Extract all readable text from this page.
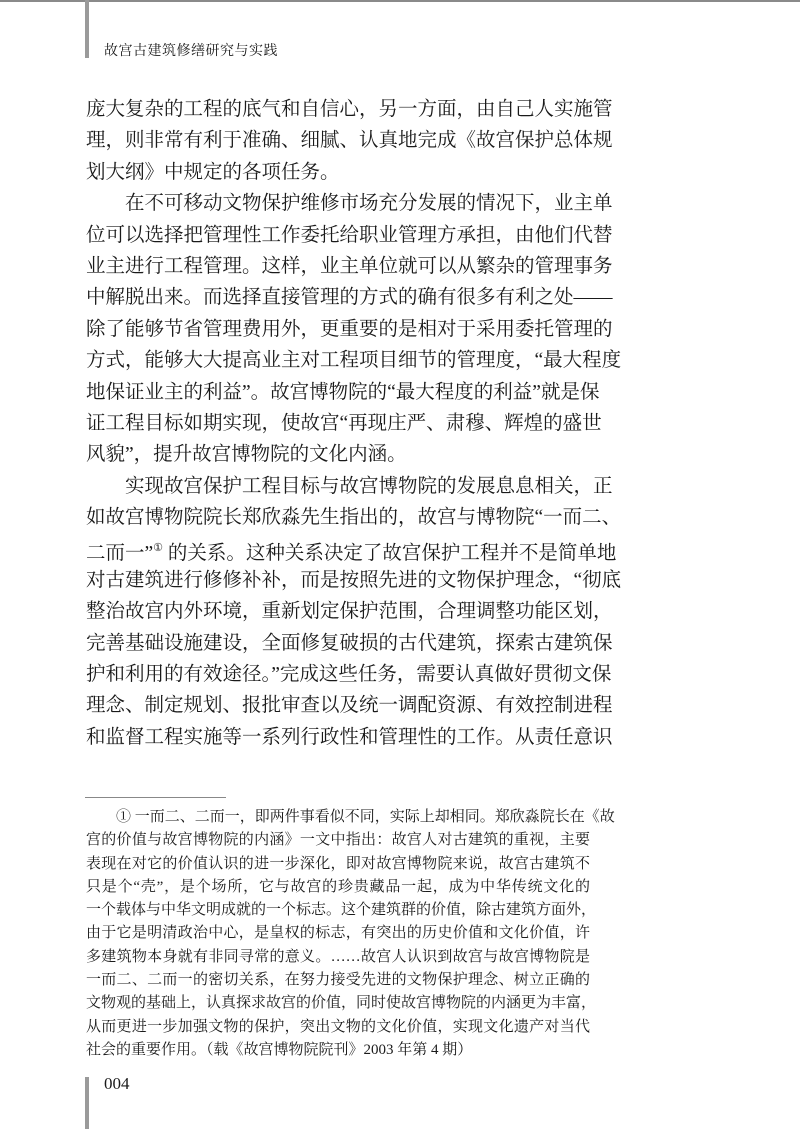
故宫古建筑修缮研究与实践
庞大复杂的工程的底气和自信心，另一方面，由自己人实施管
理，则非常有利于准确、细腻、认真地完成《故宫保护总体规
划大纲》中规定的各项任务。
在不可移动文物保护维修市场充分发展的情况下，业主单
位可以选择把管理性工作委托给职业管理方承担，由他们代替
业主进行工程管理。这样，业主单位就可以从繁杂的管理事务
中解脱出来。而选择直接管理的方式的确有很多有利之处——
除了能够节省管理费用外，更重要的是相对于采用委托管理的
方式，能够大大提高业主对工程项目细节的管理度，“最大程度
地保证业主的利益”。故宫博物院的“最大程度的利益”就是保
证工程目标如期实现，使故宫“再现庄严、肃穆、辉煌的盛世
风貌”，提升故宫博物院的文化内涵。
实现故宫保护工程目标与故宫博物院的发展息息相关，正
如故宫博物院院长郑欣淼先生指出的，故宫与博物院“一而二、
二而一”① 的关系。这种关系决定了故宫保护工程并不是简单地
对古建筑进行修修补补，而是按照先进的文物保护理念，“彻底
整治故宫内外环境，重新划定保护范围，合理调整功能区划，
完善基础设施建设，全面修复破损的古代建筑，探索古建筑保
护和利用的有效途径。”完成这些任务，需要认真做好贯彻文保
理念、制定规划、报批审查以及统一调配资源、有效控制进程
和监督工程实施等一系列行政性和管理性的工作。从责任意识
① 一而二、二而一，即两件事看似不同，实际上却相同。郑欣淼院长在《故
宫的价值与故宫博物院的内涵》一文中指出：故宫人对古建筑的重视，主要
表现在对它的价值认识的进一步深化，即对故宫博物院来说，故宫古建筑不
只是个“壳”，是个场所，它与故宫的珍贵藏品一起，成为中华传统文化的
一个载体与中华文明成就的一个标志。这个建筑群的价值，除古建筑方面外，
由于它是明清政治中心，是皇权的标志，有突出的历史价值和文化价值，许
多建筑物本身就有非同寻常的意义。……故宫人认识到故宫与故宫博物院是
一而二、二而一的密切关系，在努力接受先进的文物保护理念、树立正确的
文物观的基础上，认真探求故宫的价值，同时使故宫博物院的内涵更为丰富，
从而更进一步加强文物的保护，突出文物的文化价值，实现文化遗产对当代
社会的重要作用。（载《故宫博物院院刊》2003 年第 4 期）
004
